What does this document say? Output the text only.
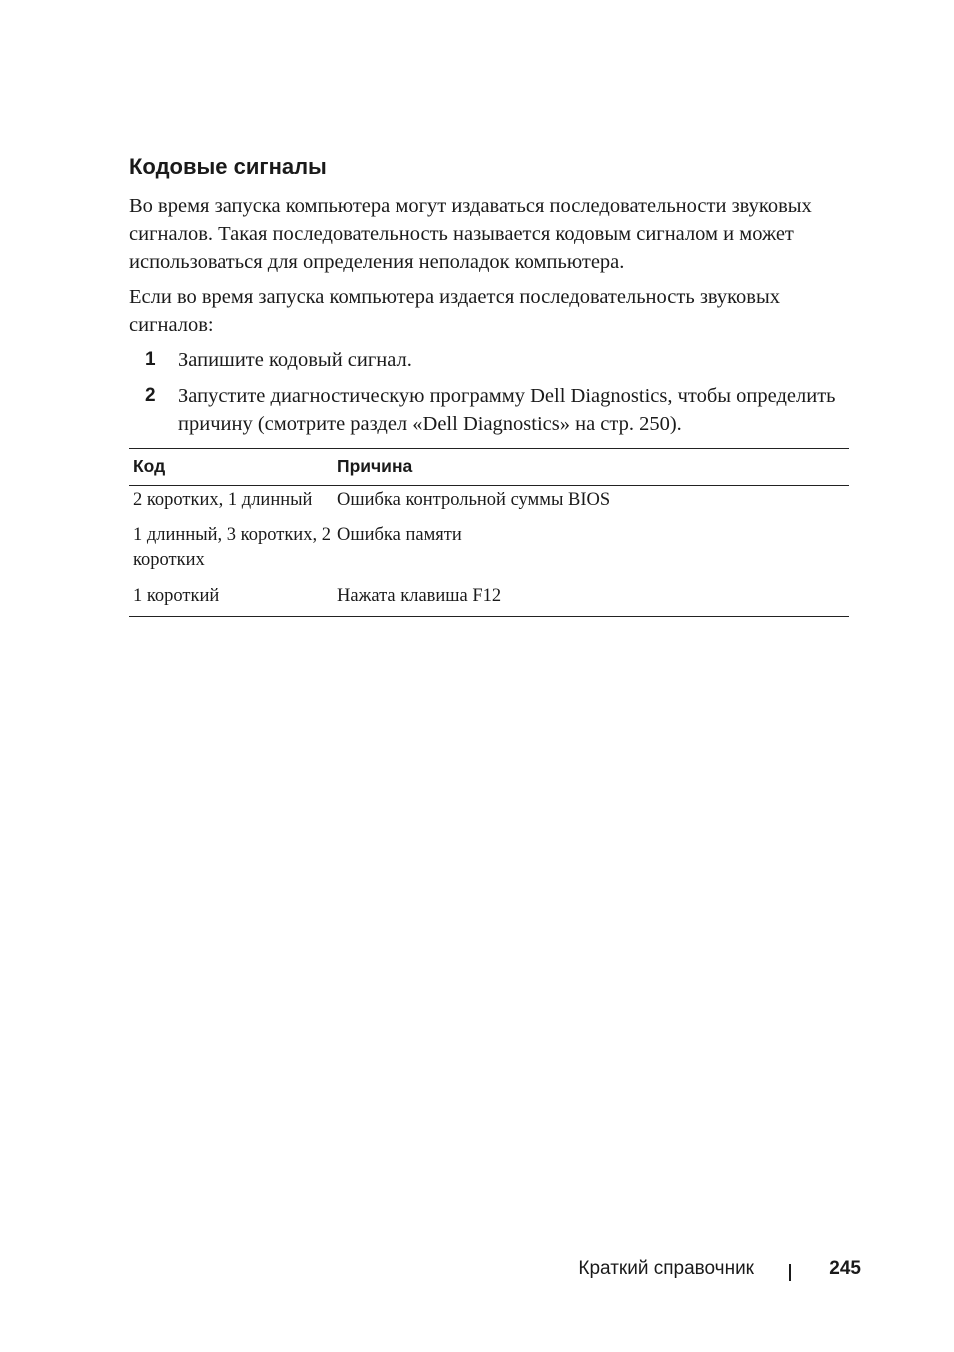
Кодовые сигналы

Во время запуска компьютера могут издаваться последовательности звуковых сигналов. Такая последовательность называется кодовым сигналом и может использоваться для определения неполадок компьютера.

Если во время запуска компьютера издается последовательность звуковых сигналов:

1 Запишите кодовый сигнал.
2 Запустите диагностическую программу Dell Diagnostics, чтобы определить причину (смотрите раздел «Dell Diagnostics» на стр. 250).
Код	Причина
2 коротких, 1 длинный	Ошибка контрольной суммы BIOS
1 длинный, 3 коротких, 2 коротких	Ошибка памяти
1 короткий	Нажата клавиша F12
Краткий справочник	245
